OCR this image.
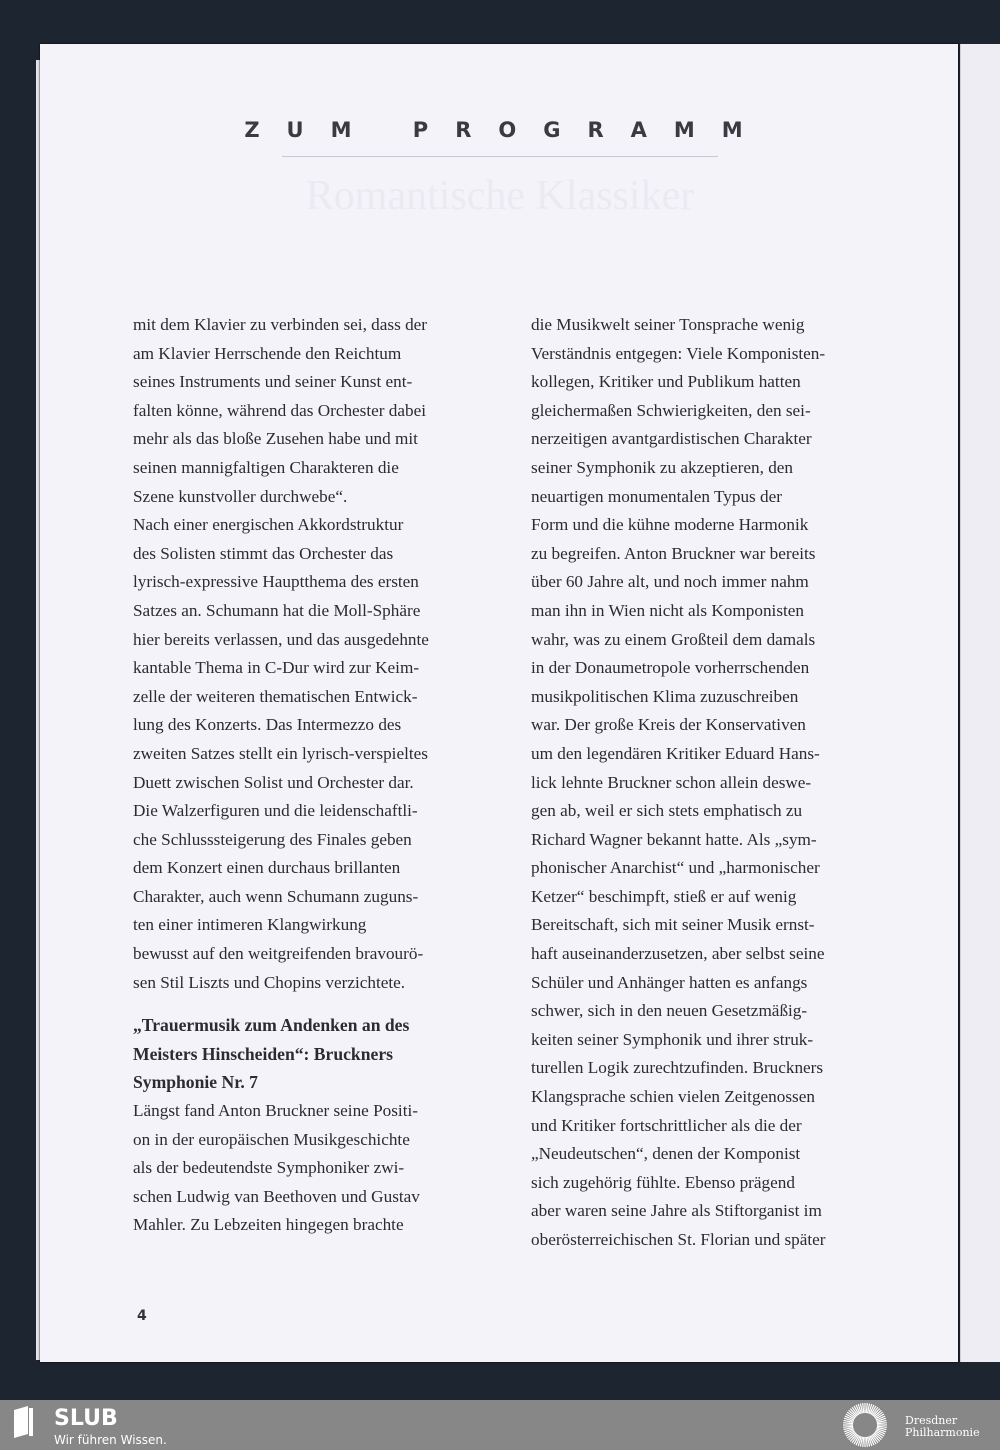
ZUM PROGRAMM
Romantische Klassiker
mit dem Klavier zu verbinden sei, dass der
am Klavier Herrschende den Reichtum
seines Instruments und seiner Kunst ent-
falten könne, während das Orchester dabei
mehr als das bloße Zusehen habe und mit
seinen mannigfaltigen Charakteren die
Szene kunstvoller durchwebe“.
Nach einer energischen Akkordstruktur
des Solisten stimmt das Orchester das
lyrisch-expressive Hauptthema des ersten
Satzes an. Schumann hat die Moll-Sphäre
hier bereits verlassen, und das ausgedehnte
kantable Thema in C-Dur wird zur Keim-
zelle der weiteren thematischen Entwick-
lung des Konzerts. Das Intermezzo des
zweiten Satzes stellt ein lyrisch-verspieltes
Duett zwischen Solist und Orchester dar.
Die Walzerfiguren und die leidenschaftli-
che Schlusssteigerung des Finales geben
dem Konzert einen durchaus brillanten
Charakter, auch wenn Schumann zuguns-
ten einer intimeren Klangwirkung
bewusst auf den weitgreifenden bravourö-
sen Stil Liszts und Chopins verzichtete.
„Trauermusik zum Andenken an des
Meisters Hinscheiden“: Bruckners
Symphonie Nr. 7
Längst fand Anton Bruckner seine Positi-
on in der europäischen Musikgeschichte
als der bedeutendste Symphoniker zwi-
schen Ludwig van Beethoven und Gustav
Mahler. Zu Lebzeiten hingegen brachte
die Musikwelt seiner Tonsprache wenig
Verständnis entgegen: Viele Komponisten-
kollegen, Kritiker und Publikum hatten
gleichermaßen Schwierigkeiten, den sei-
nerzeitigen avantgardistischen Charakter
seiner Symphonik zu akzeptieren, den
neuartigen monumentalen Typus der
Form und die kühne moderne Harmonik
zu begreifen. Anton Bruckner war bereits
über 60 Jahre alt, und noch immer nahm
man ihn in Wien nicht als Komponisten
wahr, was zu einem Großteil dem damals
in der Donaumetropole vorherrschenden
musikpolitischen Klima zuzuschreiben
war. Der große Kreis der Konservativen
um den legendären Kritiker Eduard Hans-
lick lehnte Bruckner schon allein deswe-
gen ab, weil er sich stets emphatisch zu
Richard Wagner bekannt hatte. Als „sym-
phonischer Anarchist“ und „harmonischer
Ketzer“ beschimpft, stieß er auf wenig
Bereitschaft, sich mit seiner Musik ernst-
haft auseinanderzusetzen, aber selbst seine
Schüler und Anhänger hatten es anfangs
schwer, sich in den neuen Gesetzmäßig-
keiten seiner Symphonik und ihrer struk-
turellen Logik zurechtzufinden. Bruckners
Klangsprache schien vielen Zeitgenossen
und Kritiker fortschrittlicher als die der
„Neudeutschen“, denen der Komponist
sich zugehörig fühlte. Ebenso prägend
aber waren seine Jahre als Stiftorganist im
oberösterreichischen St. Florian und später
4
SLUB
Wir führen Wissen.
Dresdner
Philharmonie
